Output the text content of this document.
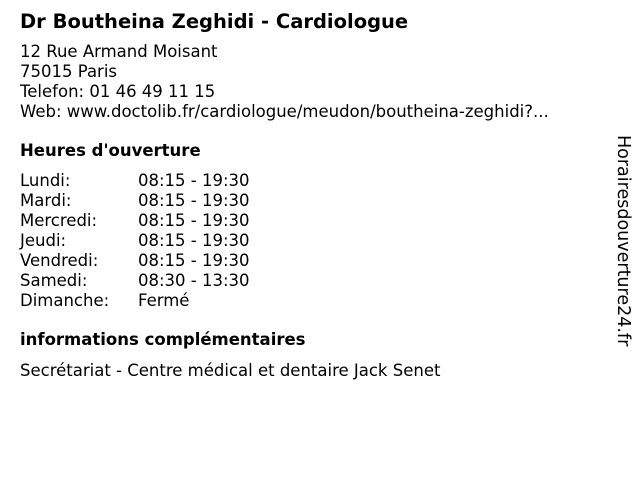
Dr Boutheina Zeghidi - Cardiologue
12 Rue Armand Moisant
75015 Paris
Telefon: 01 46 49 11 15
Web: www.doctolib.fr/cardiologue/meudon/boutheina-zeghidi?...
Heures d'ouverture
Lundi:	08:15 - 19:30
Mardi:	08:15 - 19:30
Mercredi:	08:15 - 19:30
Jeudi:	08:15 - 19:30
Vendredi:	08:15 - 19:30
Samedi:	08:30 - 13:30
Dimanche:	Fermé
informations complémentaires
Secrétariat - Centre médical et dentaire Jack Senet
Horairesdouverture24.fr
